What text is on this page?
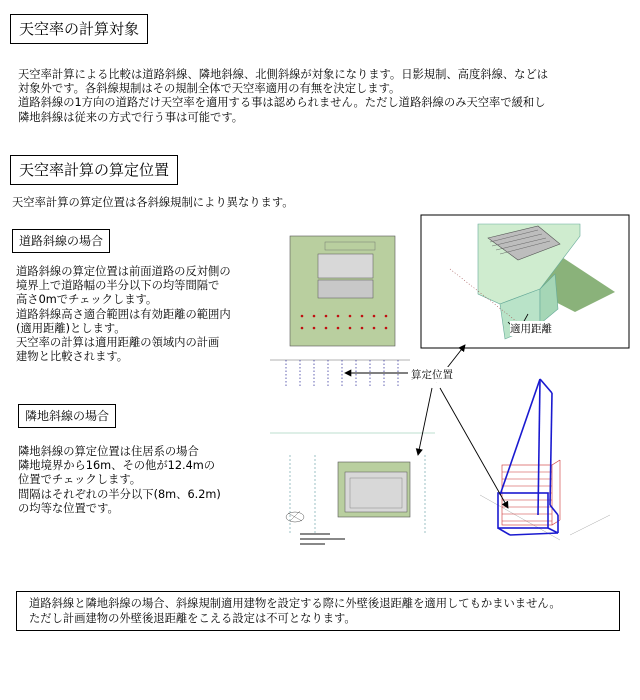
天空率の計算対象
天空率計算による比較は道路斜線、隣地斜線、北側斜線が対象になります。日影規制、高度斜線、などは
対象外です。各斜線規制はその規制全体で天空率適用の有無を決定します。
道路斜線の1方向の道路だけ天空率を適用する事は認められません。ただし道路斜線のみ天空率で緩和し
隣地斜線は従来の方式で行う事は可能です。
天空率計算の算定位置
天空率計算の算定位置は各斜線規制により異なります。
道路斜線の場合
道路斜線の算定位置は前面道路の反対側の
境界上で道路幅の半分以下の均等間隔で
高さ0mでチェックします。
道路斜線高さ適合範囲は有効距離の範囲内
(適用距離)とします。
天空率の計算は適用距離の領域内の計画
建物と比較されます。
隣地斜線の場合
隣地斜線の算定位置は住居系の場合
隣地境界から16m、その他が12.4mの
位置でチェックします。
間隔はそれぞれの半分以下(8m、6.2m)
の均等な位置です。
適用距離
算定位置
道路斜線と隣地斜線の場合、斜線規制適用建物を設定する際に外壁後退距離を適用してもかまいません。
ただし計画建物の外壁後退距離をこえる設定は不可となります。
